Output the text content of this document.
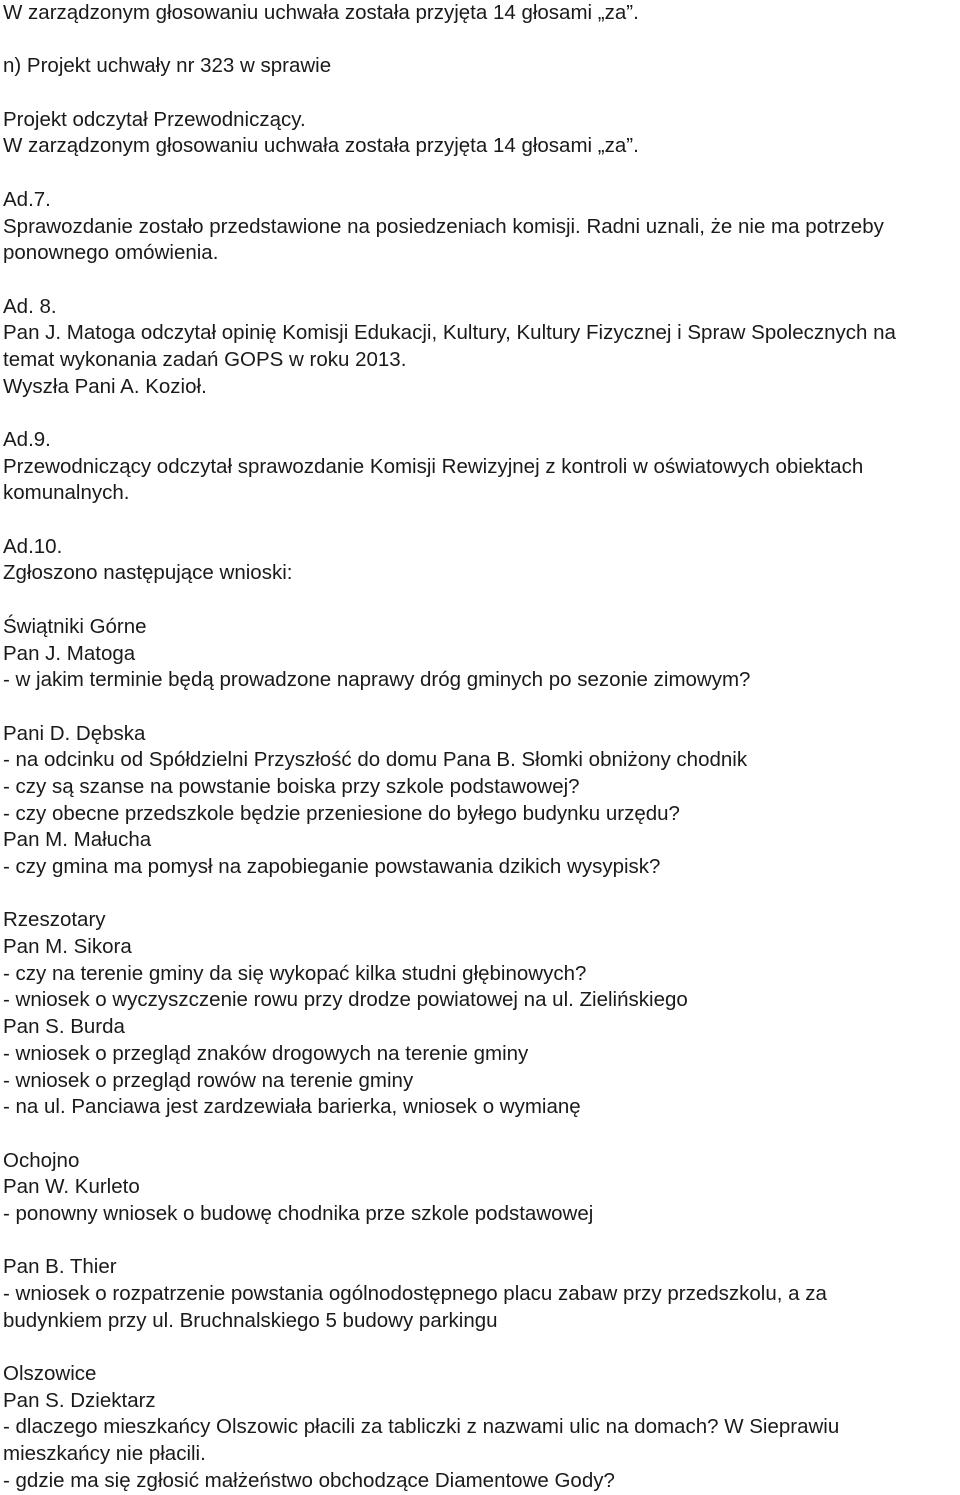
W zarządzonym głosowaniu uchwała została przyjęta 14 głosami „za”.
n) Projekt uchwały nr 323 w sprawie
Projekt odczytał Przewodniczący.
W zarządzonym głosowaniu uchwała została przyjęta 14 głosami „za”.
Ad.7.
Sprawozdanie zostało przedstawione na posiedzeniach komisji. Radni uznali, że nie ma potrzeby
ponownego omówienia.
Ad. 8.
Pan J. Matoga odczytał opinię Komisji Edukacji, Kultury, Kultury Fizycznej i Spraw Spolecznych na
temat wykonania zadań GOPS w roku 2013.
Wyszła Pani A. Kozioł.
Ad.9.
Przewodniczący odczytał sprawozdanie Komisji Rewizyjnej z kontroli w oświatowych obiektach
komunalnych.
Ad.10.
Zgłoszono następujące wnioski:
Świątniki Górne
Pan J. Matoga
- w jakim terminie będą prowadzone naprawy dróg gminych po sezonie zimowym?
Pani D. Dębska
- na odcinku od Spółdzielni Przyszłość do domu Pana B. Słomki obniżony chodnik
- czy są szanse na powstanie boiska przy szkole podstawowej?
- czy obecne przedszkole będzie przeniesione do byłego budynku urzędu?
Pan M. Małucha
- czy gmina ma pomysł na zapobieganie powstawania dzikich wysypisk?
Rzeszotary
Pan M. Sikora
- czy na terenie gminy da się wykopać kilka studni głębinowych?
- wniosek o wyczyszczenie rowu przy drodze powiatowej na ul. Zielińskiego
Pan S. Burda
- wniosek o przegląd znaków drogowych na terenie gminy
- wniosek o przegląd rowów na terenie gminy
- na ul. Panciawa jest zardzewiała barierka, wniosek o wymianę
Ochojno
Pan W. Kurleto
- ponowny wniosek o budowę chodnika prze szkole podstawowej
Pan B. Thier
- wniosek o rozpatrzenie powstania ogólnodostępnego placu zabaw przy przedszkolu, a za
budynkiem przy ul. Bruchnalskiego 5 budowy parkingu
Olszowice
Pan S. Dziektarz
- dlaczego mieszkańcy Olszowic płacili za tabliczki z nazwami ulic na domach? W Sieprawiu
mieszkańcy nie płacili.
- gdzie ma się zgłosić małżeństwo obchodzące Diamentowe Gody?
